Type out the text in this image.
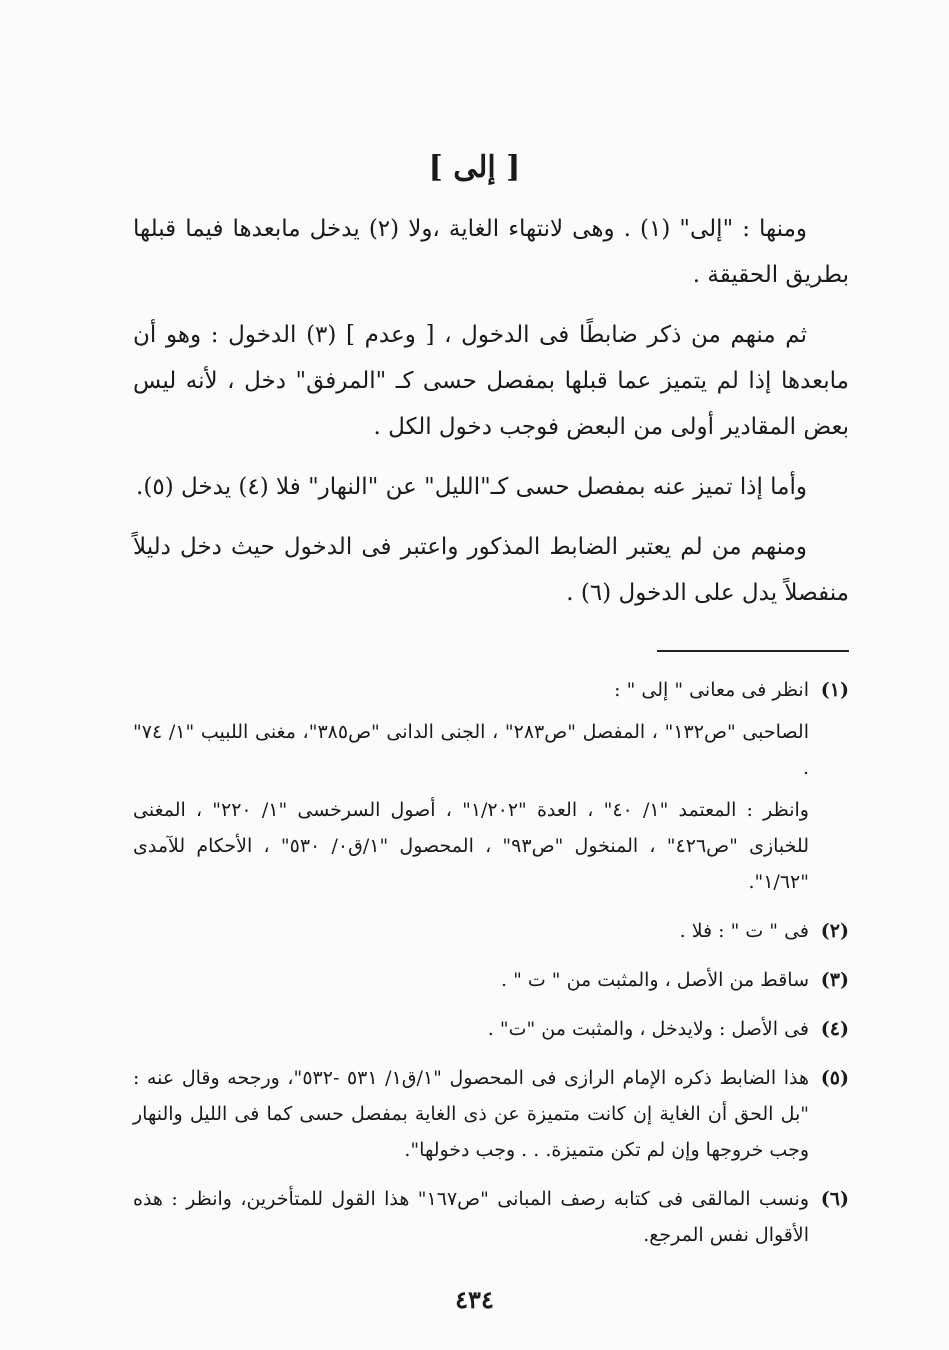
[ إلى ]

ومنها : "إلى" (١) . وهى لانتهاء الغاية ،ولا (٢) يدخل مابعدها فيما قبلها بطريق الحقيقة .

ثم منهم من ذكر ضابطًا فى الدخول ، [ وعدم ] (٣) الدخول : وهو أن مابعدها إذا لم يتميز عما قبلها بمفصل حسى كـ "المرفق" دخل ، لأنه ليس بعض المقادير أولى من البعض فوجب دخول الكل .

وأما إذا تميز عنه بمفصل حسى كـ"الليل" عن "النهار" فلا (٤) يدخل (٥).

ومنهم من لم يعتبر الضابط المذكور واعتبر فى الدخول حيث دخل دليلاً منفصلاً يدل على الدخول (٦) .

(١)
انظر فى معانى " إلى " :
الصاحبى "ص١٣٢" ، المفصل "ص٢٨٣" ، الجنى الدانى "ص٣٨٥"، مغنى اللبيب "١/ ٧٤" .
وانظر : المعتمد "١/ ٤٠" ، العدة "١/٢٠٢" ، أصول السرخسى "١/ ٢٢٠" ، المغنى للخبازى "ص٤٢٦" ، المنخول "ص٩٣" ، المحصول "١/ق٠/ ٥٣٠" ، الأحكام للآمدى "١/٦٢".
(٢)
فى " ت " : فلا .
(٣)
ساقط من الأصل ، والمثبت من " ت " .
(٤)
فى الأصل : ولايدخل ، والمثبت من "ت" .
(٥)
هذا الضابط ذكره الإمام الرازى فى المحصول "١/ق١/ ٥٣١ -٥٣٢"، ورجحه وقال عنه : "بل الحق أن الغاية إن كانت متميزة عن ذى الغاية بمفصل حسى كما فى الليل والنهار وجب خروجها وإن لم تكن متميزة. . . وجب دخولها".
(٦)
ونسب المالقى فى كتابه رصف المبانى "ص١٦٧" هذا القول للمتأخرين، وانظر : هذه الأقوال نفس المرجع.
٤٣٤
